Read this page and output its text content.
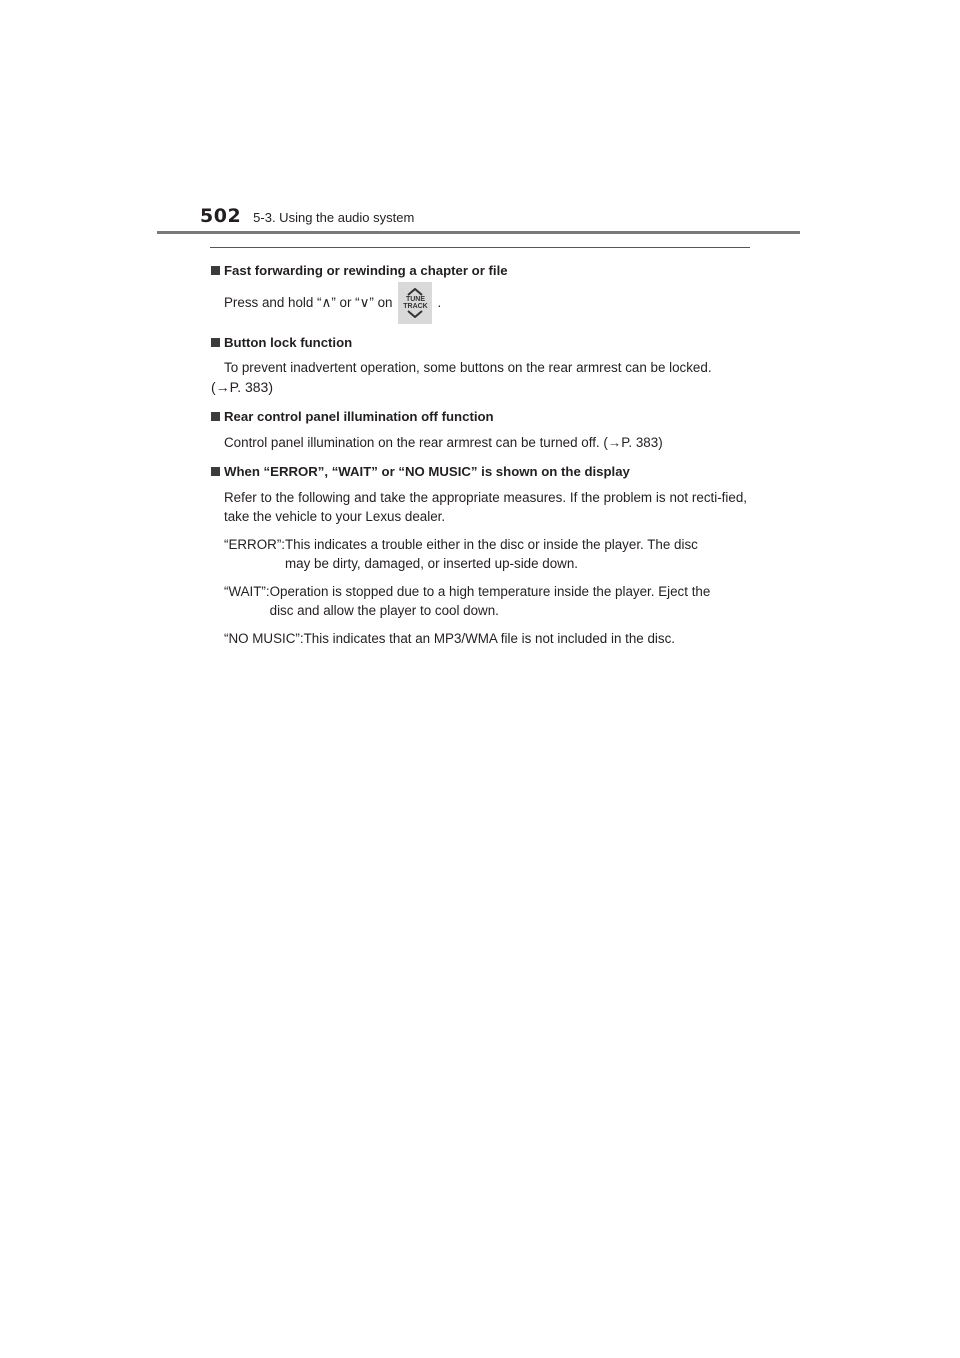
502 5-3. Using the audio system
Fast forwarding or rewinding a chapter or file
Press and hold “ ∧ ” or “ ∨ ” on TUNE
TRACK .
Button lock function

To prevent inadvertent operation, some buttons on the rear armrest can be locked.

(→P. 383)

Rear control panel illumination off function

Control panel illumination on the rear armrest can be turned off. (→P. 383)

When “ERROR”, “WAIT” or “NO MUSIC” is shown on the display

Refer to the following and take the appropriate measures. If the problem is not recti-fied, take the vehicle to your Lexus dealer.

“ERROR”: This indicates a trouble either in the disc or inside the player. The disc
may be dirty, damaged, or inserted up-side down.
“WAIT”: Operation is stopped due to a high temperature inside the player. Eject the
disc and allow the player to cool down.
“NO MUSIC”: This indicates that an MP3/WMA file is not included in the disc.
